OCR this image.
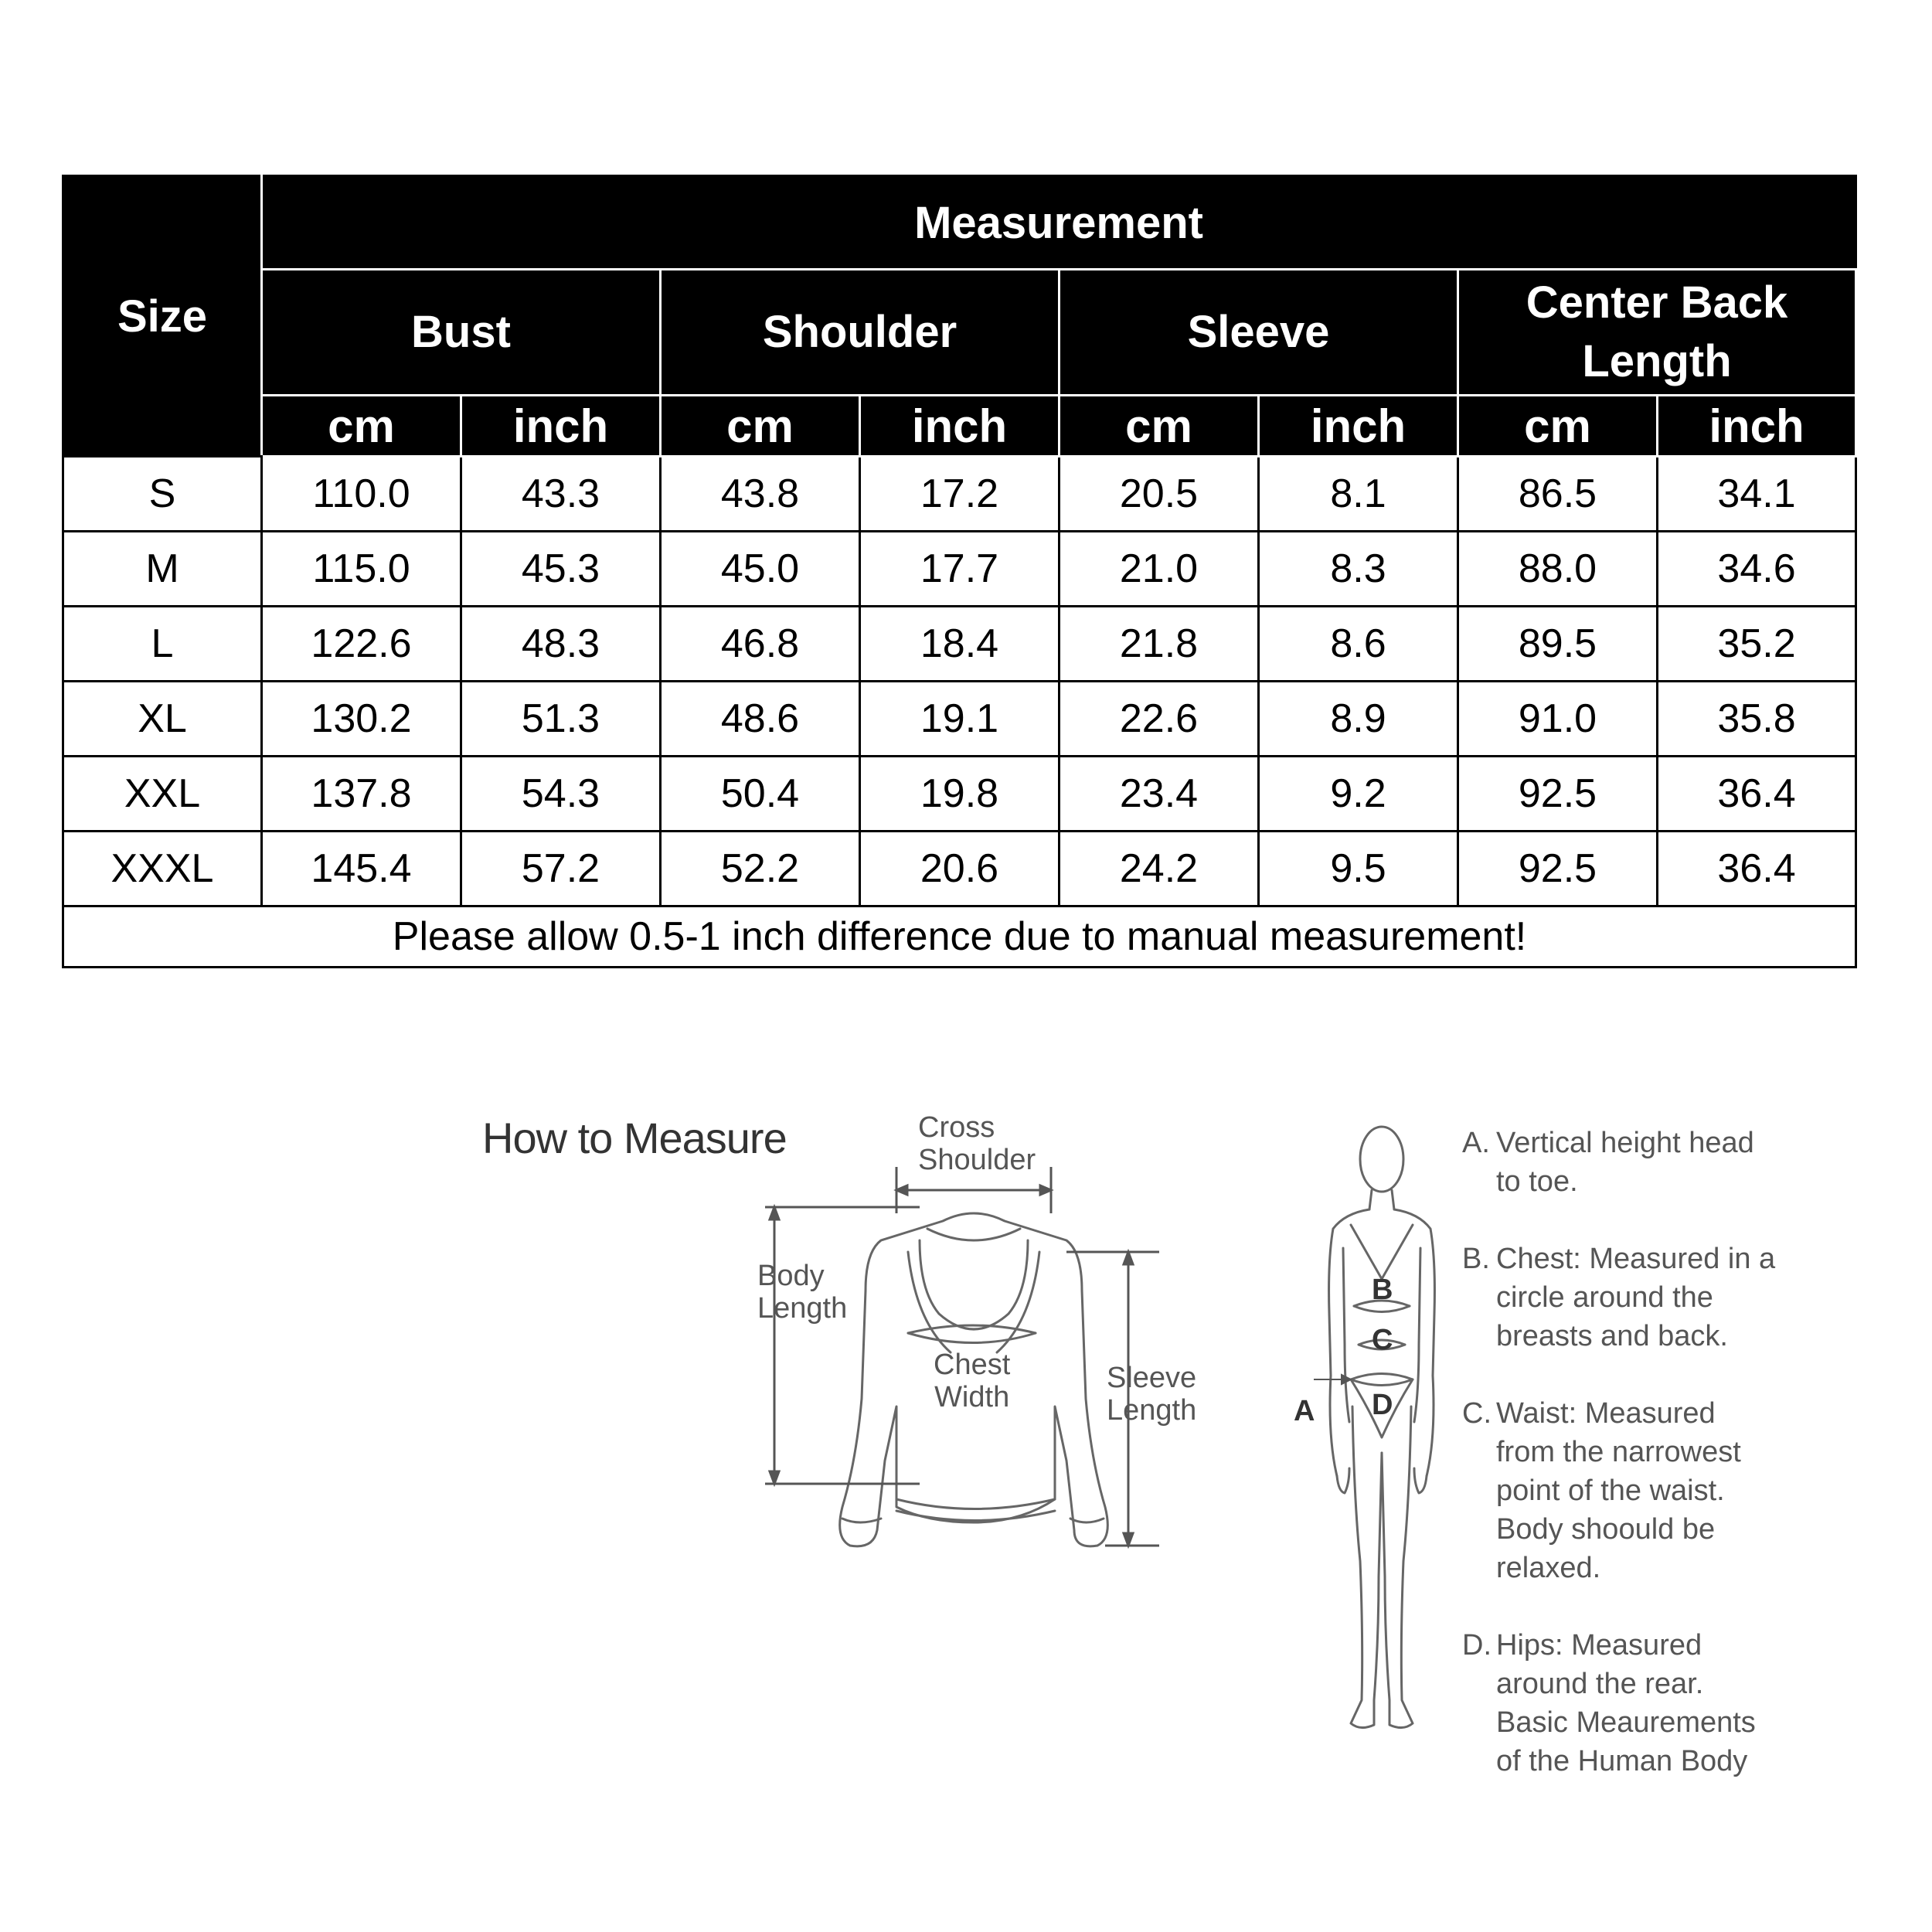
Size	Measurement							
	Bust		Shoulder		Sleeve		Center Back Length	
	cm	inch	cm	inch	cm	inch	cm	inch
S	110.0	43.3	43.8	17.2	20.5	8.1	86.5	34.1
M	115.0	45.3	45.0	17.7	21.0	8.3	88.0	34.6
L	122.6	48.3	46.8	18.4	21.8	8.6	89.5	35.2
XL	130.2	51.3	48.6	19.1	22.6	8.9	91.0	35.8
XXL	137.8	54.3	50.4	19.8	23.4	9.2	92.5	36.4
XXXL	145.4	57.2	52.2	20.6	24.2	9.5	92.5	36.4
Please allow 0.5-1 inch difference due to manual measurement!								
How to Measure	Cross
Shoulder
Body
Length
Chest
Width
Sleeve
Length	A
B
C
D
A. Vertical height head
to toe.
B. Chest: Measured in a
circle around the
breasts and back.
C. Waist: Measured
from the narrowest
point of the waist.
Body shoould be
relaxed.
D. Hips: Measured
around the rear.
Basic Meaurements
of the Human Body
